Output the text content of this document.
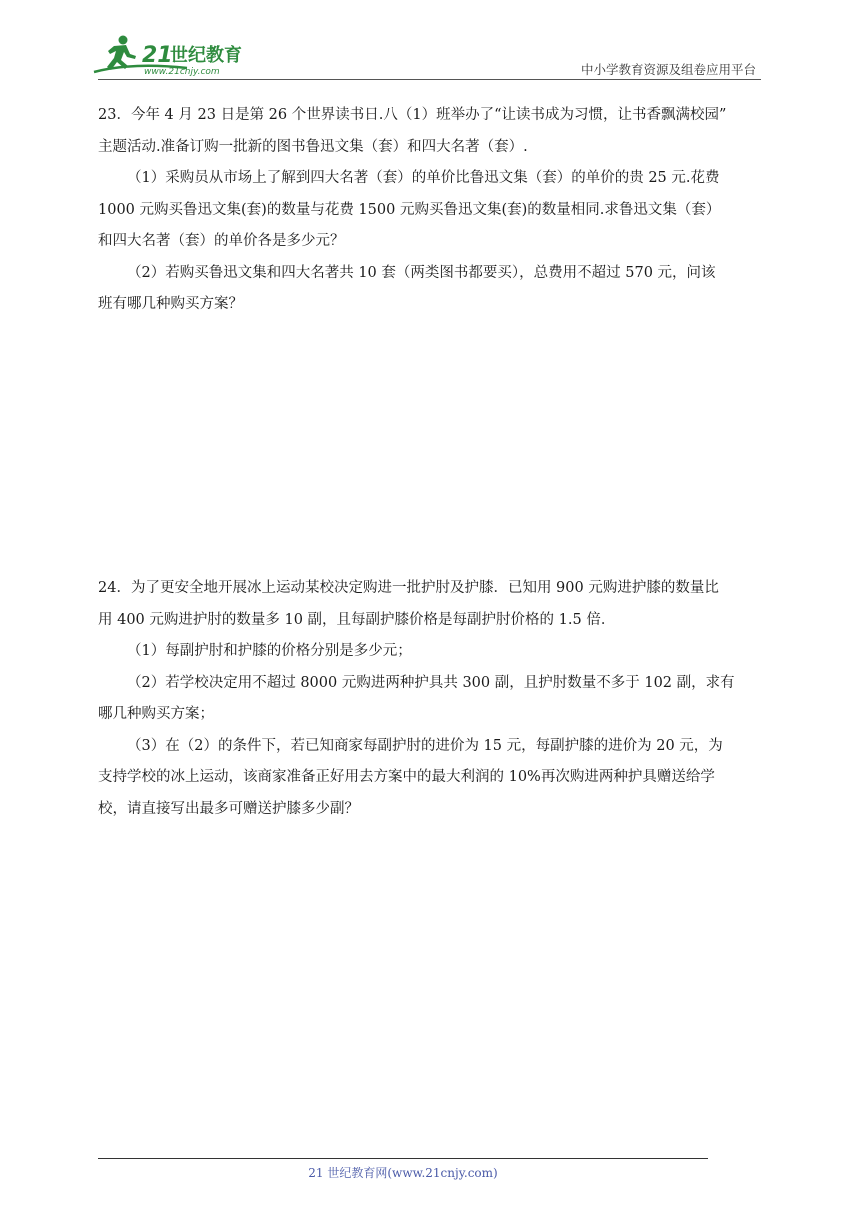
21
世纪教育
www.21cnjy.com	中小学教育资源及组卷应用平台

23．今年 4 月 23 日是第 26 个世界读书日.八（1）班举办了“让读书成为习惯，让书香飘满校园”

主题活动.准备订购一批新的图书鲁迅文集（套）和四大名著（套）.

（1）采购员从市场上了解到四大名著（套）的单价比鲁迅文集（套）的单价的贵 25 元.花费

1000 元购买鲁迅文集(套)的数量与花费 1500 元购买鲁迅文集(套)的数量相同.求鲁迅文集（套）

和四大名著（套）的单价各是多少元？

（2）若购买鲁迅文集和四大名著共 10 套（两类图书都要买），总费用不超过 570 元，问该

班有哪几种购买方案？

24．为了更安全地开展冰上运动某校决定购进一批护肘及护膝．已知用 900 元购进护膝的数量比

用 400 元购进护肘的数量多 10 副，且每副护膝价格是每副护肘价格的 1.5 倍．

（1）每副护肘和护膝的价格分别是多少元；

（2）若学校决定用不超过 8000 元购进两种护具共 300 副，且护肘数量不多于 102 副，求有

哪几种购买方案；

（3）在（2）的条件下，若已知商家每副护肘的进价为 15 元，每副护膝的进价为 20 元，为

支持学校的冰上运动，该商家准备正好用去方案中的最大利润的 10%再次购进两种护具赠送给学

校，请直接写出最多可赠送护膝多少副？

21 世纪教育网(www.21cnjy.com)
